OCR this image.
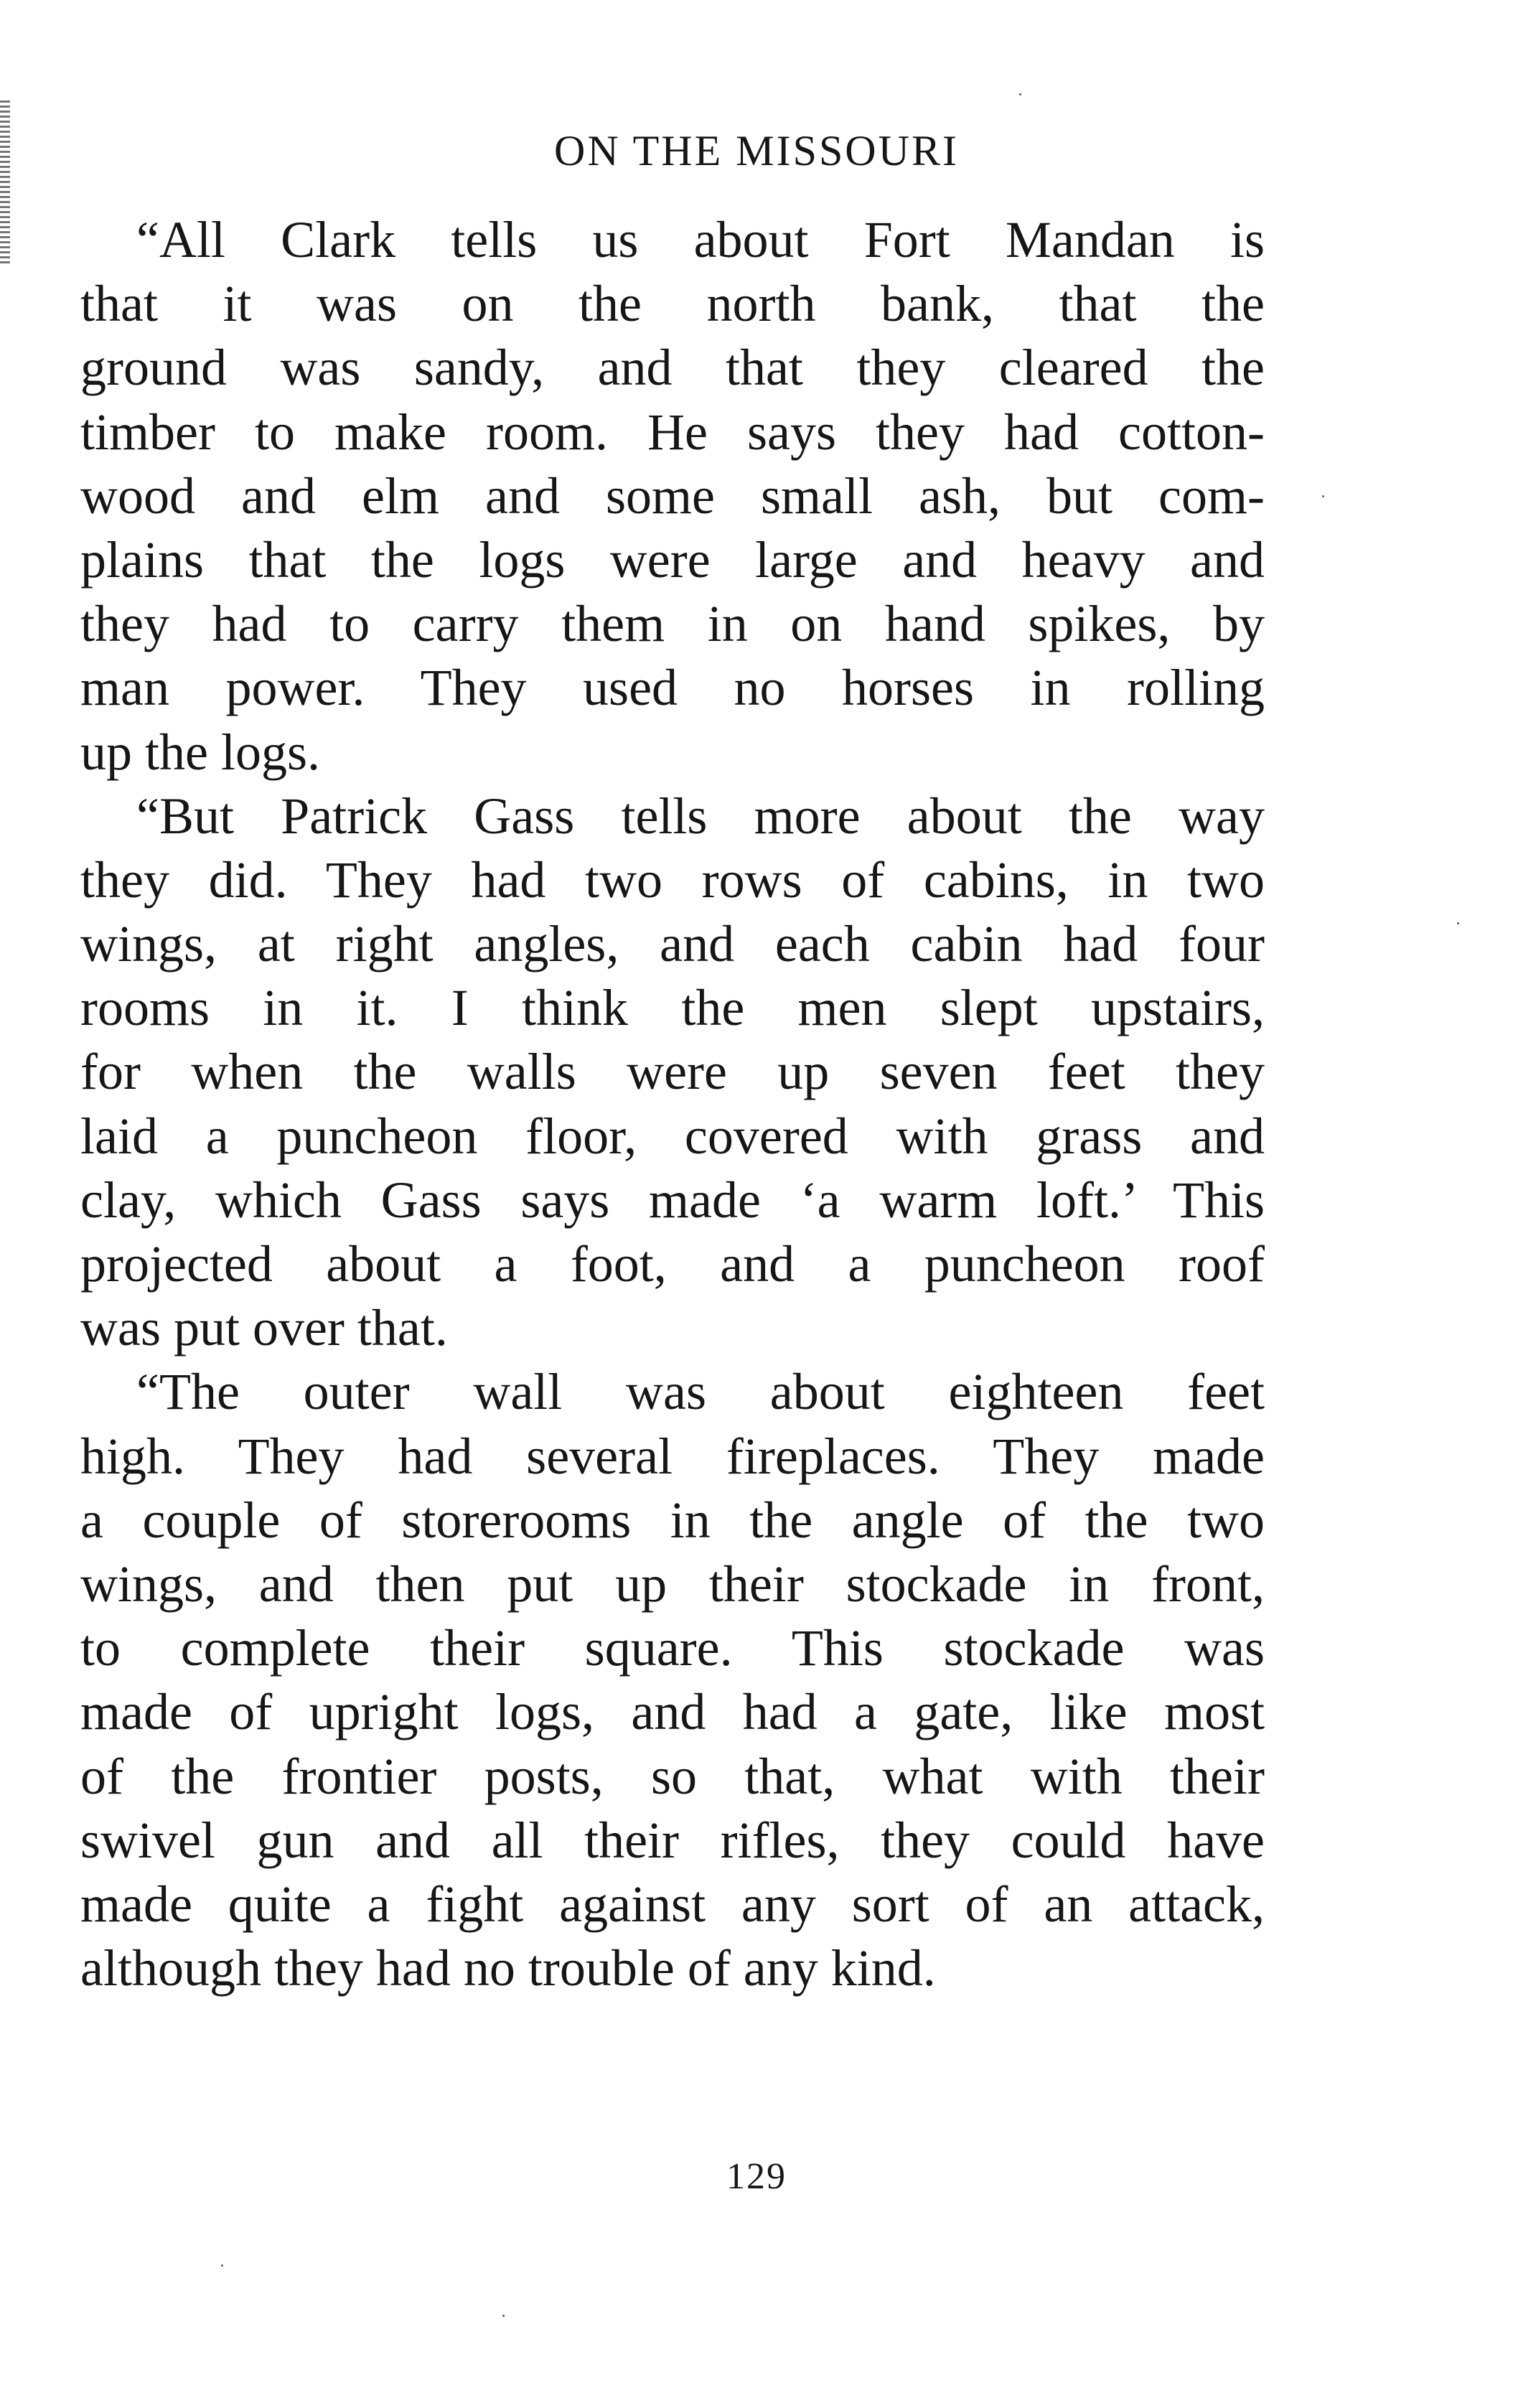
ON THE MISSOURI
“All Clark tells us about Fort Mandan is
that it was on the north bank, that the
ground was sandy, and that they cleared the
timber to make room. He says they had cotton-
wood and elm and some small ash, but com-
plains that the logs were large and heavy and
they had to carry them in on hand spikes, by
man power. They used no horses in rolling
up the logs.
“But Patrick Gass tells more about the way
they did. They had two rows of cabins, in two
wings, at right angles, and each cabin had four
rooms in it. I think the men slept upstairs,
for when the walls were up seven feet they
laid a puncheon floor, covered with grass and
clay, which Gass says made ‘a warm loft.’ This
projected about a foot, and a puncheon roof
was put over that.
“The outer wall was about eighteen feet
high. They had several fireplaces. They made
a couple of storerooms in the angle of the two
wings, and then put up their stockade in front,
to complete their square. This stockade was
made of upright logs, and had a gate, like most
of the frontier posts, so that, what with their
swivel gun and all their rifles, they could have
made quite a fight against any sort of an attack,
although they had no trouble of any kind.
129
